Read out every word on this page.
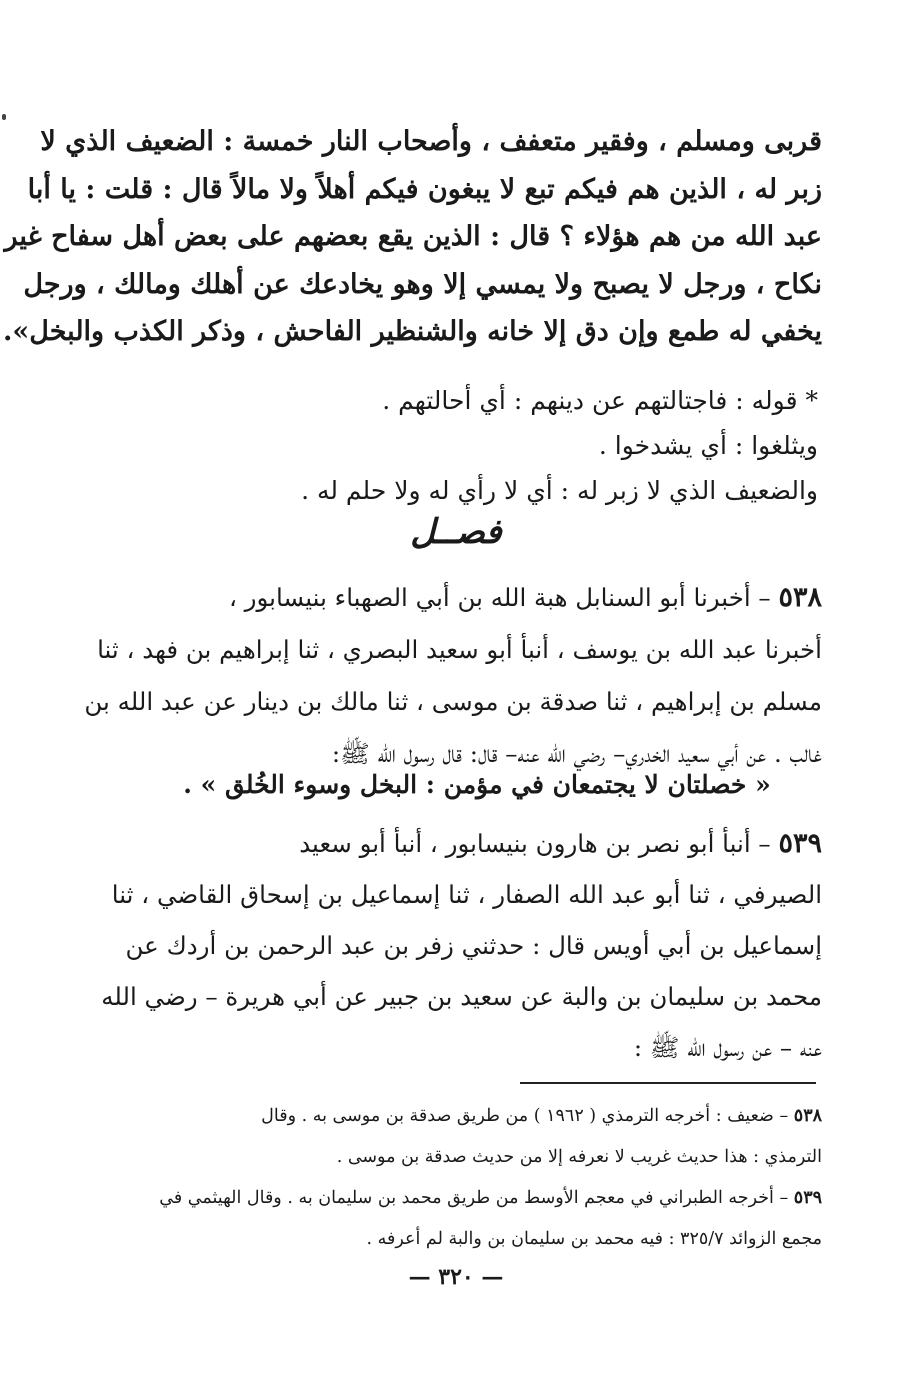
قربى ومسلم ، وفقير متعفف ، وأصحاب النار خمسة : الضعيف الذي لا
زبر له ، الذين هم فيكم تبع لا يبغون فيكم أهلاً ولا مالاً قال : قلت : يا أبا
عبد الله من هم هؤلاء ؟ قال : الذين يقع بعضهم على بعض أهل سفاح غير
نكاح ، ورجل لا يصبح ولا يمسي إلا وهو يخادعك عن أهلك ومالك ، ورجل
يخفي له طمع وإن دق إلا خانه والشنظير الفاحش ، وذكر الكذب والبخل».
* قوله : فاجتالتهم عن دينهم : أي أحالتهم .
ويثلغوا : أي يشدخوا .
والضعيف الذي لا زبر له : أي لا رأي له ولا حلم له .
فصــل
٥٣٨ – أخبرنا أبو السنابل هبة الله بن أبي الصهباء بنيسابور ،
أخبرنا عبد الله بن يوسف ، أنبأ أبو سعيد البصري ، ثنا إبراهيم بن فهد ، ثنا
مسلم بن إبراهيم ، ثنا صدقة بن موسى ، ثنا مالك بن دينار عن عبد الله بن
غالب . عن أبي سعيد الخدري– رضي الله عنه– قال: قال رسول الله ﷺ:
« خصلتان لا يجتمعان في مؤمن : البخل وسوء الخُلق » .
٥٣٩ – أنبأ أبو نصر بن هارون بنيسابور ، أنبأ أبو سعيد
الصيرفي ، ثنا أبو عبد الله الصفار ، ثنا إسماعيل بن إسحاق القاضي ، ثنا
إسماعيل بن أبي أويس قال : حدثني زفر بن عبد الرحمن بن أردك عن
محمد بن سليمان بن والبة عن سعيد بن جبير عن أبي هريرة – رضي الله
عنه – عن رسول الله ﷺ :
٥٣٨ – ضعيف : أخرجه الترمذي ( ١٩٦٢ ) من طريق صدقة بن موسى به . وقال
الترمذي : هذا حديث غريب لا نعرفه إلا من حديث صدقة بن موسى .
٥٣٩ – أخرجه الطبراني في معجم الأوسط من طريق محمد بن سليمان به . وقال الهيثمي في
مجمع الزوائد ٣٢٥/٧ : فيه محمد بن سليمان بن والبة لم أعرفه .
— ٣٢٠ —
